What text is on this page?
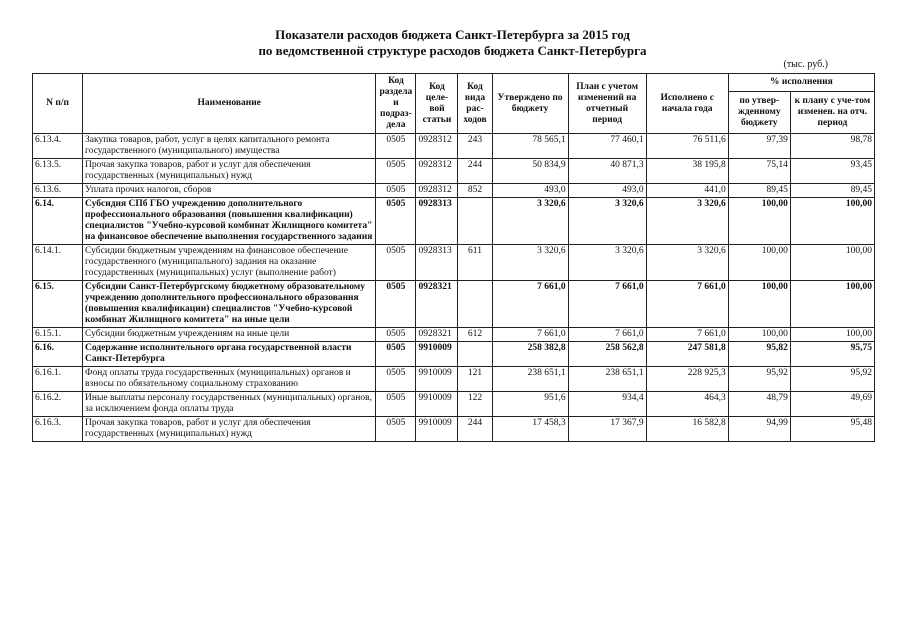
Показатели расходов бюджета Санкт-Петербурга за 2015 год
по ведомственной структуре расходов бюджета Санкт-Петербурга
(тыс. руб.)
N п/п	Наименование	Код раздела и подраз-дела	Код целе-вой статьи	Код вида рас-ходов	Утверждено по бюджету	План с учетом изменений на отчетный период	Исполнено с начала года	% исполнения	
								по утвер-жденному бюджету	к плану с уче-том изменен. на отч. период
6.13.4.	Закупка товаров, работ, услуг в целях капитального ремонта государственного (муниципального) имущества	0505	0928312	243	78 565,1	77 460,1	76 511,6	97,39	98,78
6.13.5.	Прочая закупка товаров, работ и услуг для обеспечения государственных (муниципальных) нужд	0505	0928312	244	50 834,9	40 871,3	38 195,8	75,14	93,45
6.13.6.	Уплата прочих налогов, сборов	0505	0928312	852	493,0	493,0	441,0	89,45	89,45
6.14.	Субсидия СПб ГБО учреждению дополнительного профессионального образования (повышения квалификации) специалистов "Учебно-курсовой комбинат Жилищного комитета" на финансовое обеспечение выполнения государственного задания	0505	0928313		3 320,6	3 320,6	3 320,6	100,00	100,00
6.14.1.	Субсидии бюджетным учреждениям на финансовое обеспечение государственного (муниципального) задания на оказание государственных (муниципальных) услуг (выполнение работ)	0505	0928313	611	3 320,6	3 320,6	3 320,6	100,00	100,00
6.15.	Субсидии Санкт-Петербургскому бюджетному образовательному учреждению дополнительного профессионального образования (повышения квалификации) специалистов "Учебно-курсовой комбинат Жилищного комитета" на иные цели	0505	0928321		7 661,0	7 661,0	7 661,0	100,00	100,00
6.15.1.	Субсидии бюджетным учреждениям на иные цели	0505	0928321	612	7 661,0	7 661,0	7 661,0	100,00	100,00
6.16.	Содержание исполнительного органа государственной власти Санкт-Петербурга	0505	9910009		258 382,8	258 562,8	247 581,8	95,82	95,75
6.16.1.	Фонд оплаты труда государственных (муниципальных) органов и взносы по обязательному социальному страхованию	0505	9910009	121	238 651,1	238 651,1	228 925,3	95,92	95,92
6.16.2.	Иные выплаты персоналу государственных (муниципальных) органов, за исключением фонда оплаты труда	0505	9910009	122	951,6	934,4	464,3	48,79	49,69
6.16.3.	Прочая закупка товаров, работ и услуг для обеспечения государственных (муниципальных) нужд	0505	9910009	244	17 458,3	17 367,9	16 582,8	94,99	95,48
